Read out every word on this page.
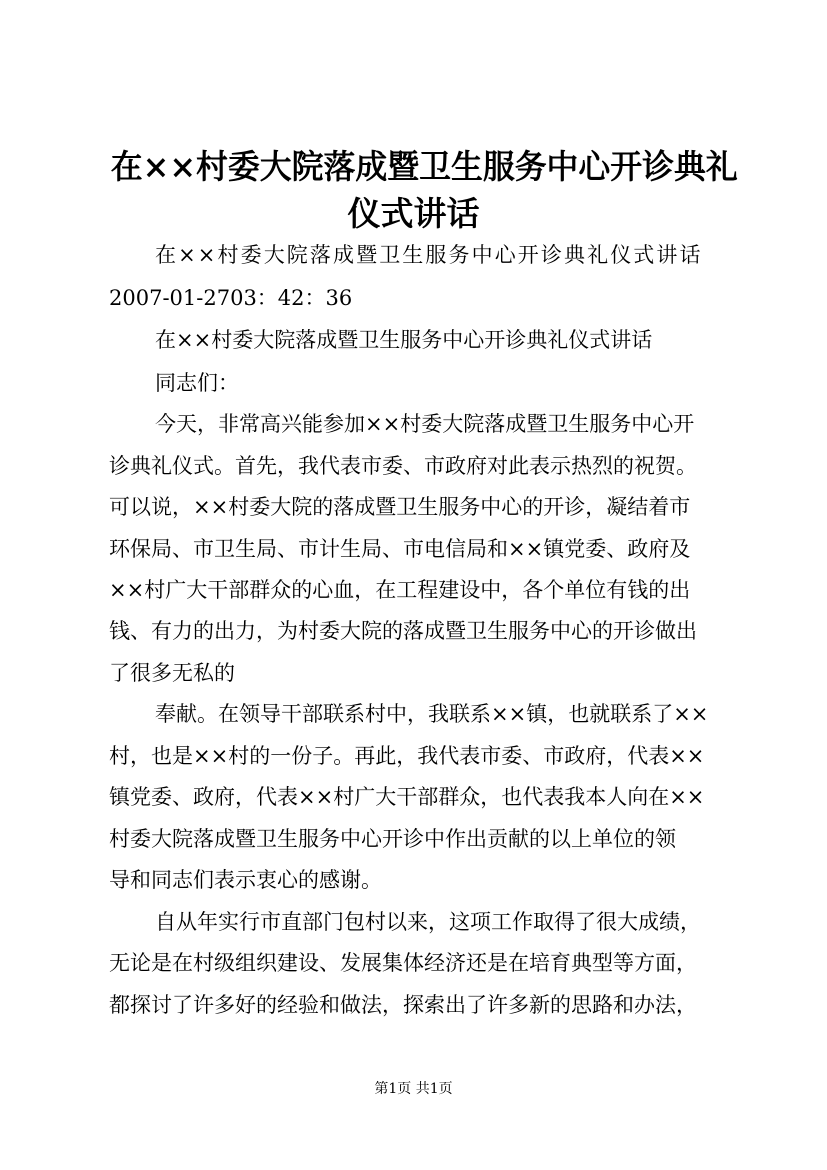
在××村委大院落成暨卫生服务中心开诊典礼
仪式讲话
在××村委大院落成暨卫生服务中心开诊典礼仪式讲话
2007-01-2703：42：36
在××村委大院落成暨卫生服务中心开诊典礼仪式讲话
同志们：
今天，非常高兴能参加××村委大院落成暨卫生服务中心开
诊典礼仪式。首先，我代表市委、市政府对此表示热烈的祝贺。
可以说，××村委大院的落成暨卫生服务中心的开诊，凝结着市
环保局、市卫生局、市计生局、市电信局和××镇党委、政府及
××村广大干部群众的心血，在工程建设中，各个单位有钱的出
钱、有力的出力，为村委大院的落成暨卫生服务中心的开诊做出
了很多无私的
奉献。在领导干部联系村中，我联系××镇，也就联系了××
村，也是××村的一份子。再此，我代表市委、市政府，代表××
镇党委、政府，代表××村广大干部群众，也代表我本人向在××
村委大院落成暨卫生服务中心开诊中作出贡献的以上单位的领
导和同志们表示衷心的感谢。
自从年实行市直部门包村以来，这项工作取得了很大成绩，
无论是在村级组织建设、发展集体经济还是在培育典型等方面，
都探讨了许多好的经验和做法，探索出了许多新的思路和办法，
第1页 共1页
